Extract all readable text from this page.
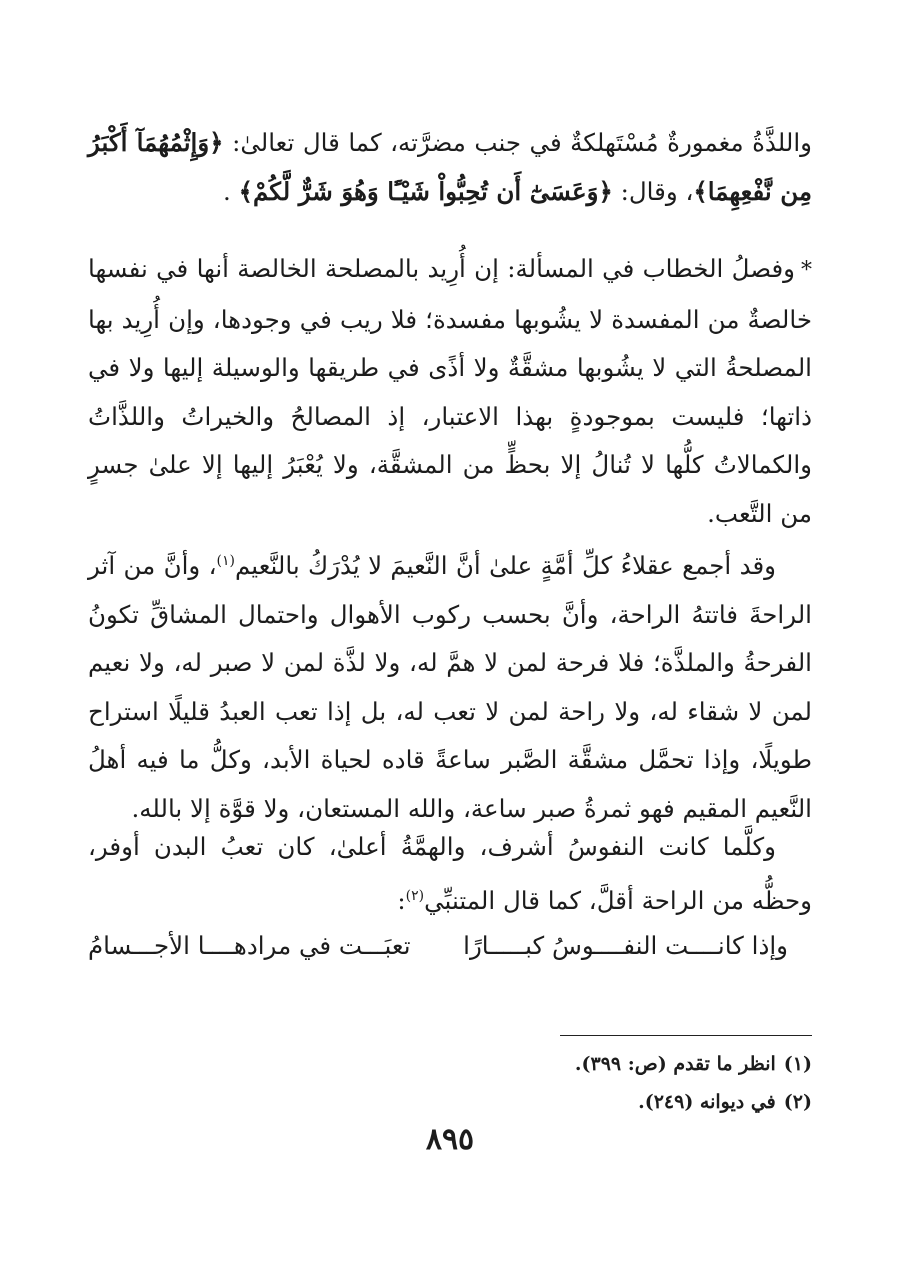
واللذَّةُ مغمورةٌ مُسْتَهلكةٌ في جنب مضرَّته، كما قال تعالىٰ: ﴿وَإِثْمُهُمَآ أَكْبَرُ مِن نَّفْعِهِمَا﴾، وقال: ﴿وَعَسَىٰٓ أَن تُحِبُّواْ شَيْـًٔا وَهُوَ شَرٌّ لَّكُمْ﴾ .
*وفصلُ الخطاب في المسألة: إن أُرِيد بالمصلحة الخالصة أنها في نفسها خالصةٌ من المفسدة لا يشُوبها مفسدة؛ فلا ريب في وجودها، وإن أُرِيد بها المصلحةُ التي لا يشُوبها مشقَّةٌ ولا أذًى في طريقها والوسيلة إليها ولا في ذاتها؛ فليست بموجودةٍ بهذا الاعتبار، إذ المصالحُ والخيراتُ واللذَّاتُ والكمالاتُ كلُّها لا تُنالُ إلا بحظٍّ من المشقَّة، ولا يُعْبَرُ إليها إلا علىٰ جسرٍ من التَّعب.
وقد أجمع عقلاءُ كلِّ أمَّةٍ علىٰ أنَّ النَّعيمَ لا يُدْرَكُ بالنَّعيم$^{(١)}$، وأنَّ من آثر الراحةَ فاتتهُ الراحة، وأنَّ بحسب ركوب الأهوال واحتمال المشاقِّ تكونُ الفرحةُ والملذَّة؛ فلا فرحة لمن لا همَّ له، ولا لذَّة لمن لا صبر له، ولا نعيم لمن لا شقاء له، ولا راحة لمن لا تعب له، بل إذا تعب العبدُ قليلًا استراح طويلًا، وإذا تحمَّل مشقَّة الصَّبر ساعةً قاده لحياة الأبد، وكلُّ ما فيه أهلُ النَّعيم المقيم فهو ثمرةُ صبر ساعة، والله المستعان، ولا قوَّة إلا بالله.
وكلَّما كانت النفوسُ أشرف، والهمَّةُ أعلىٰ، كان تعبُ البدن أوفر، وحظُّه من الراحة أقلَّ، كما قال المتنبِّي$^{(٢)}$:
وإذا كانــــت النفــــوسُ كبـــــارًا
تعبَـــت في مرادهــــا الأجـــسامُ
(١)انظر ما تقدم (ص: ٣٩٩).
(٢)في ديوانه (٢٤٩).
٨٩٥
